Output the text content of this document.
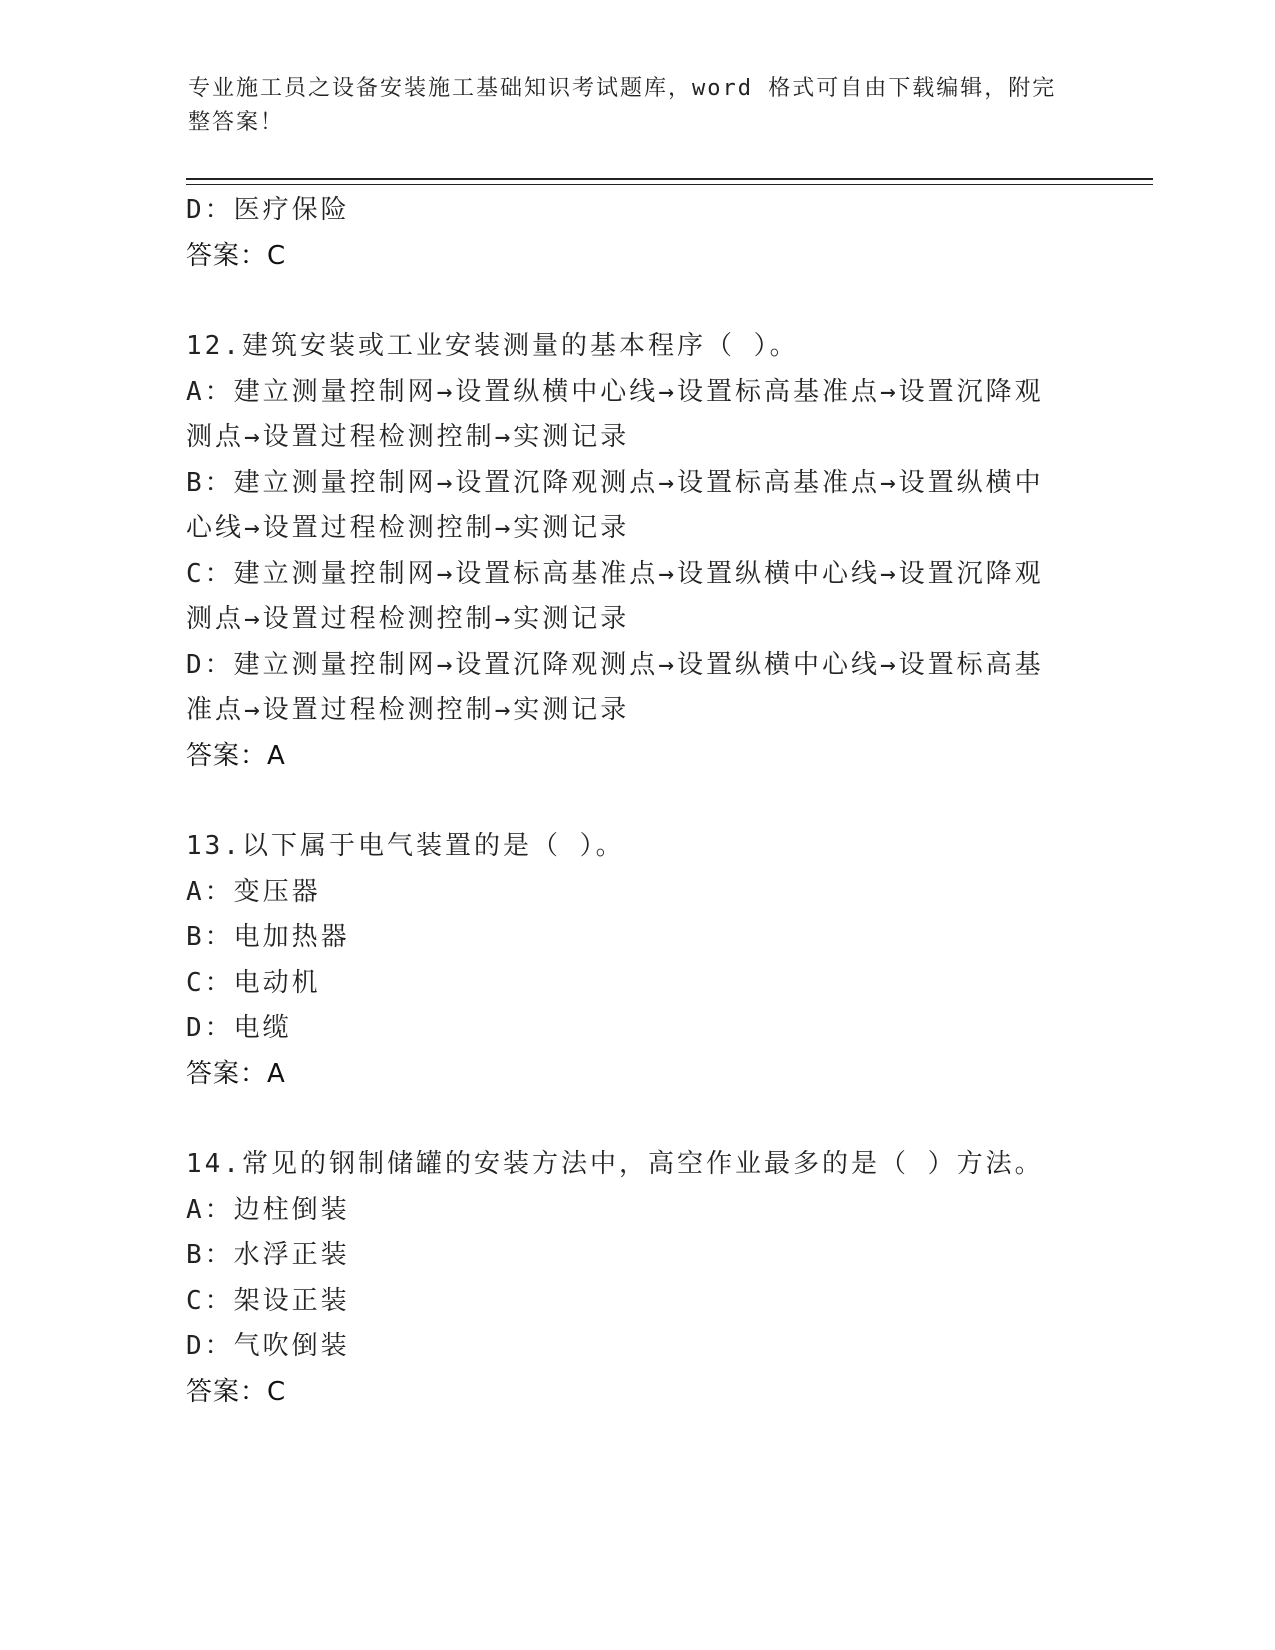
专业施工员之设备安装施工基础知识考试题库，word 格式可自由下载编辑，附完
整答案！
D：医疗保险
答案：C
12.建筑安装或工业安装测量的基本程序（ ）。
A：建立测量控制网→设置纵横中心线→设置标高基准点→设置沉降观
测点→设置过程检测控制→实测记录
B：建立测量控制网→设置沉降观测点→设置标高基准点→设置纵横中
心线→设置过程检测控制→实测记录
C：建立测量控制网→设置标高基准点→设置纵横中心线→设置沉降观
测点→设置过程检测控制→实测记录
D：建立测量控制网→设置沉降观测点→设置纵横中心线→设置标高基
准点→设置过程检测控制→实测记录
答案：A
13.以下属于电气装置的是（ ）。
A：变压器
B：电加热器
C：电动机
D：电缆
答案：A
14.常见的钢制储罐的安装方法中，高空作业最多的是（ ）方法。
A：边柱倒装
B：水浮正装
C：架设正装
D：气吹倒装
答案：C
